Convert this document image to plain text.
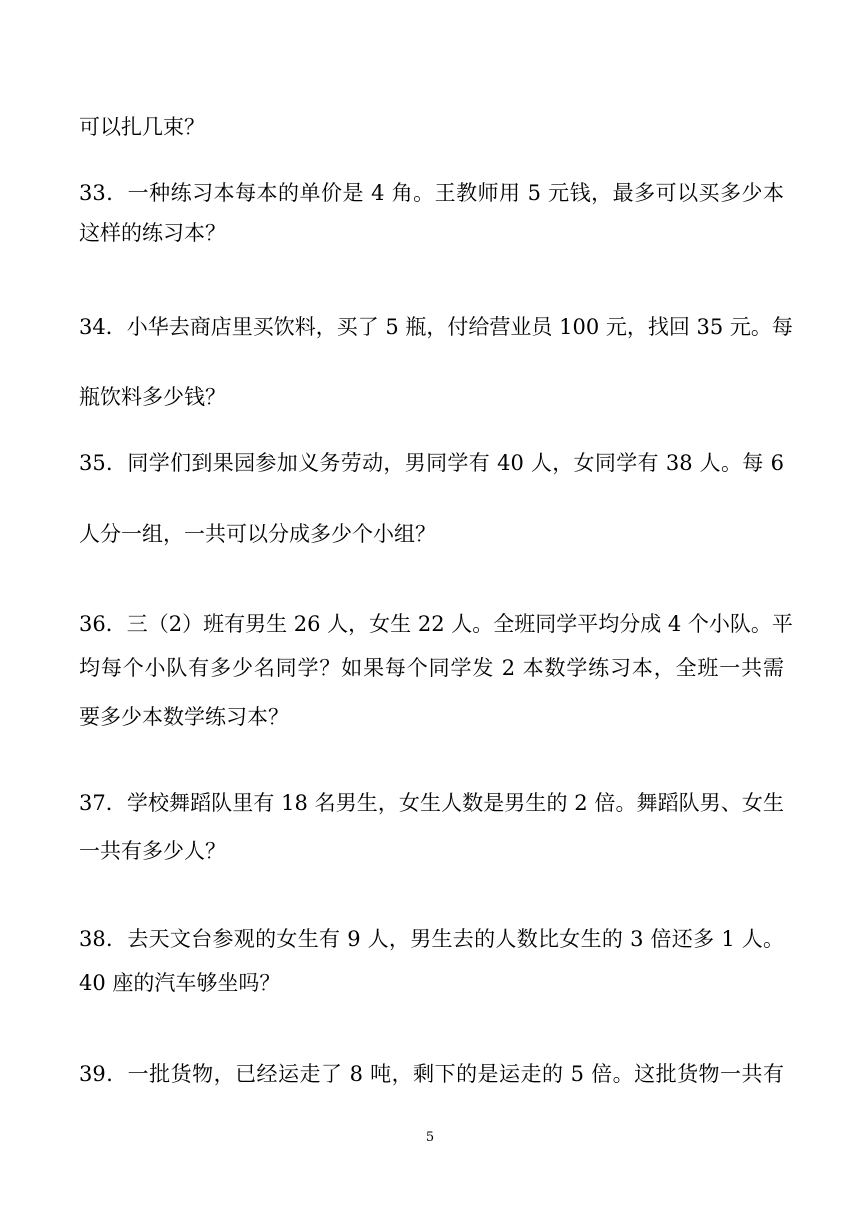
可以扎几束？
33．一种练习本每本的单价是 4 角。王教师用 5 元钱，最多可以买多少本
这样的练习本？
34．小华去商店里买饮料，买了 5 瓶，付给营业员 100 元，找回 35 元。每
瓶饮料多少钱？
35．同学们到果园参加义务劳动，男同学有 40 人，女同学有 38 人。每 6
人分一组，一共可以分成多少个小组？
36．三（2）班有男生 26 人，女生 22 人。全班同学平均分成 4 个小队。平
均每个小队有多少名同学？如果每个同学发 2 本数学练习本，全班一共需
要多少本数学练习本？
37．学校舞蹈队里有 18 名男生，女生人数是男生的 2 倍。舞蹈队男、女生
一共有多少人？
38．去天文台参观的女生有 9 人，男生去的人数比女生的 3 倍还多 1 人。
40 座的汽车够坐吗？
39．一批货物，已经运走了 8 吨，剩下的是运走的 5 倍。这批货物一共有
5
